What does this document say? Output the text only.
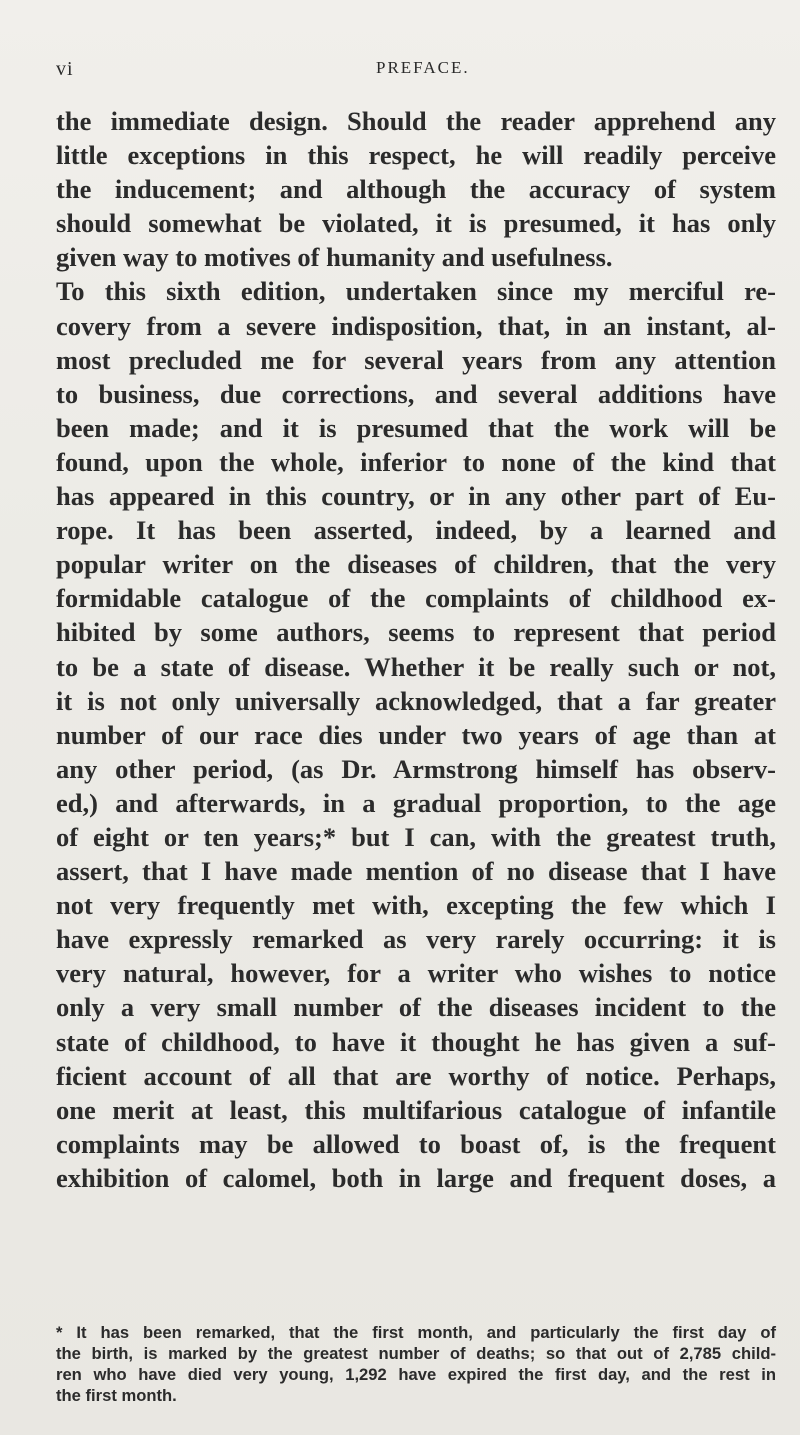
vi	PREFACE.
the immediate design. Should the reader apprehend any
little exceptions in this respect, he will readily perceive
the inducement; and although the accuracy of system
should somewhat be violated, it is presumed, it has only
given way to motives of humanity and usefulness.
To this sixth edition, undertaken since my merciful re-
covery from a severe indisposition, that, in an instant, al-
most precluded me for several years from any attention
to business, due corrections, and several additions have
been made; and it is presumed that the work will be
found, upon the whole, inferior to none of the kind that
has appeared in this country, or in any other part of Eu-
rope. It has been asserted, indeed, by a learned and
popular writer on the diseases of children, that the very
formidable catalogue of the complaints of childhood ex-
hibited by some authors, seems to represent that period
to be a state of disease. Whether it be really such or not,
it is not only universally acknowledged, that a far greater
number of our race dies under two years of age than at
any other period, (as Dr. Armstrong himself has observ-
ed,) and afterwards, in a gradual proportion, to the age
of eight or ten years;* but I can, with the greatest truth,
assert, that I have made mention of no disease that I have
not very frequently met with, excepting the few which I
have expressly remarked as very rarely occurring: it is
very natural, however, for a writer who wishes to notice
only a very small number of the diseases incident to the
state of childhood, to have it thought he has given a suf-
ficient account of all that are worthy of notice. Perhaps,
one merit at least, this multifarious catalogue of infantile
complaints may be allowed to boast of, is the frequent
exhibition of calomel, both in large and frequent doses, a
* It has been remarked, that the first month, and particularly the first day of
the birth, is marked by the greatest number of deaths; so that out of 2,785 child-
ren who have died very young, 1,292 have expired the first day, and the rest in
the first month.
